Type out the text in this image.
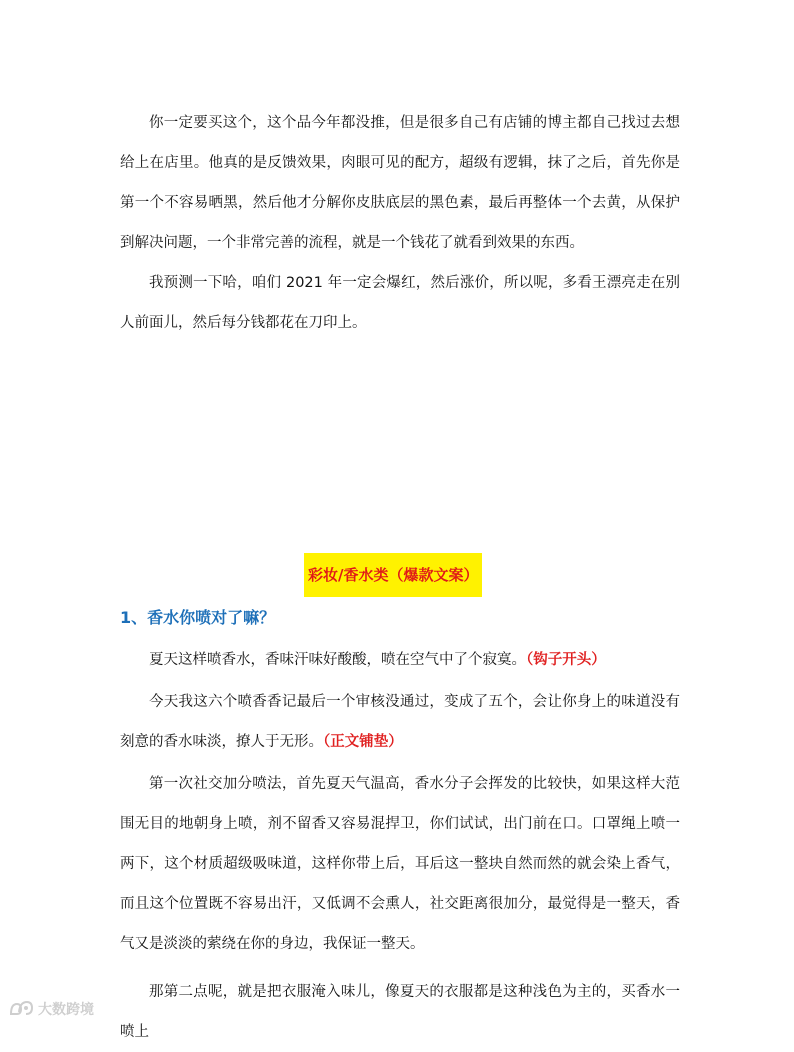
你一定要买这个，这个品今年都没推，但是很多自己有店铺的博主都自己找过去想给上在店里。他真的是反馈效果，肉眼可见的配方，超级有逻辑，抹了之后，首先你是第一个不容易晒黑，然后他才分解你皮肤底层的黑色素，最后再整体一个去黄，从保护到解决问题，一个非常完善的流程，就是一个钱花了就看到效果的东西。

我预测一下哈，咱们 2021 年一定会爆红，然后涨价，所以呢，多看王漂亮走在别人前面儿，然后每分钱都花在刀印上。

彩妆/香水类（爆款文案）
1、香水你喷对了嘛？

夏天这样喷香水，香味汗味好酸酸，喷在空气中了个寂寞。（钩子开头）

今天我这六个喷香香记最后一个审核没通过，变成了五个，会让你身上的味道没有刻意的香水味淡，撩人于无形。（正文铺垫）

第一次社交加分喷法，首先夏天气温高，香水分子会挥发的比较快，如果这样大范围无目的地朝身上喷，剂不留香又容易混捍卫，你们试试，出门前在口。口罩绳上喷一两下，这个材质超级吸味道，这样你带上后，耳后这一整块自然而然的就会染上香气，而且这个位置既不容易出汗，又低调不会熏人，社交距离很加分，最觉得是一整天，香气又是淡淡的萦绕在你的身边，我保证一整天。

那第二点呢，就是把衣服淹入味儿，像夏天的衣服都是这种浅色为主的，买香水一喷上

大数跨境
